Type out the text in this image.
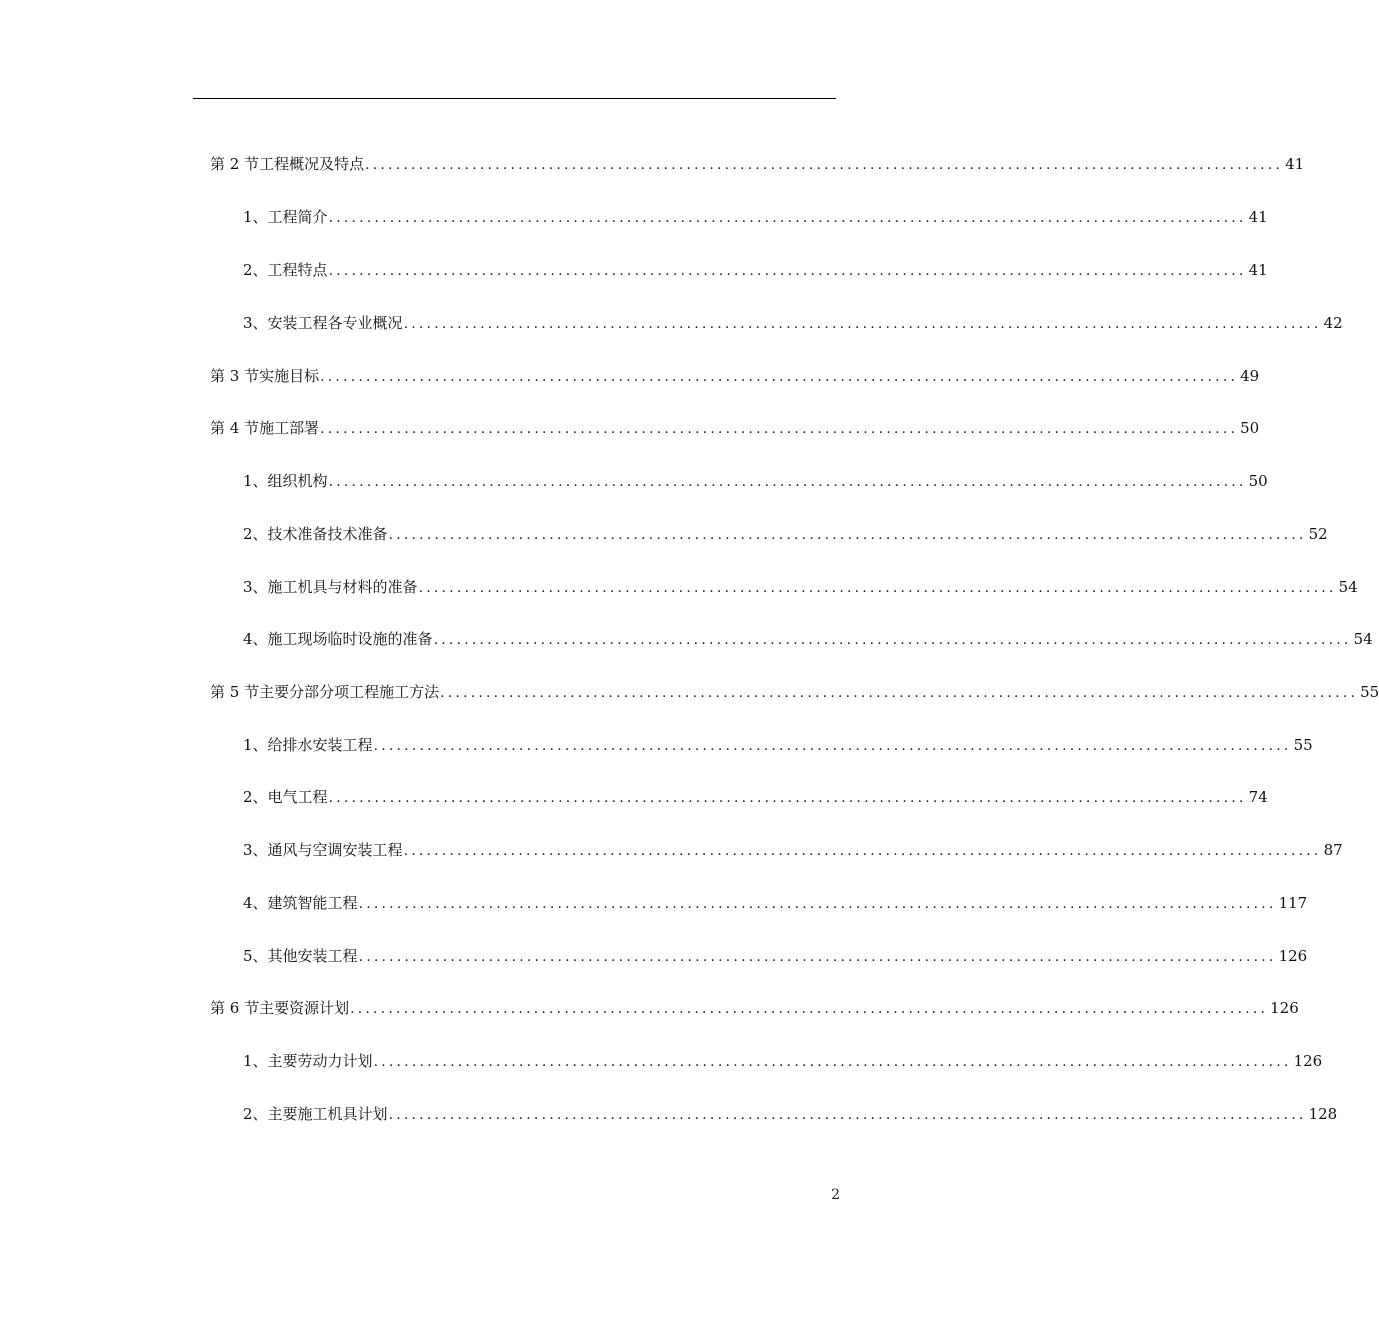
第 2 节 工程概况及特点 ........................................................................................................................ 41
1、 工程简介 ........................................................................................................................ 41
2、 工程特点 ........................................................................................................................ 41
3、 安装工程各专业概况 ........................................................................................................................ 42
第 3 节 实施目标 ........................................................................................................................ 49
第 4 节 施工部署 ........................................................................................................................ 50
1、 组织机构 ........................................................................................................................ 50
2、 技术准备技术准备 ........................................................................................................................ 52
3、 施工机具与材料的准备 ........................................................................................................................ 54
4、 施工现场临时设施的准备 ........................................................................................................................ 54
第 5 节 主要分部分项工程施工方法 ........................................................................................................................ 55
1、 给排水安装工程 ........................................................................................................................ 55
2、 电气工程 ........................................................................................................................ 74
3、 通风与空调安装工程 ........................................................................................................................ 87
4、 建筑智能工程 ........................................................................................................................ 117
5、 其他安装工程 ........................................................................................................................ 126
第 6 节 主要资源计划 ........................................................................................................................ 126
1、 主要劳动力计划 ........................................................................................................................ 126
2、 主要施工机具计划 ........................................................................................................................ 128
2
